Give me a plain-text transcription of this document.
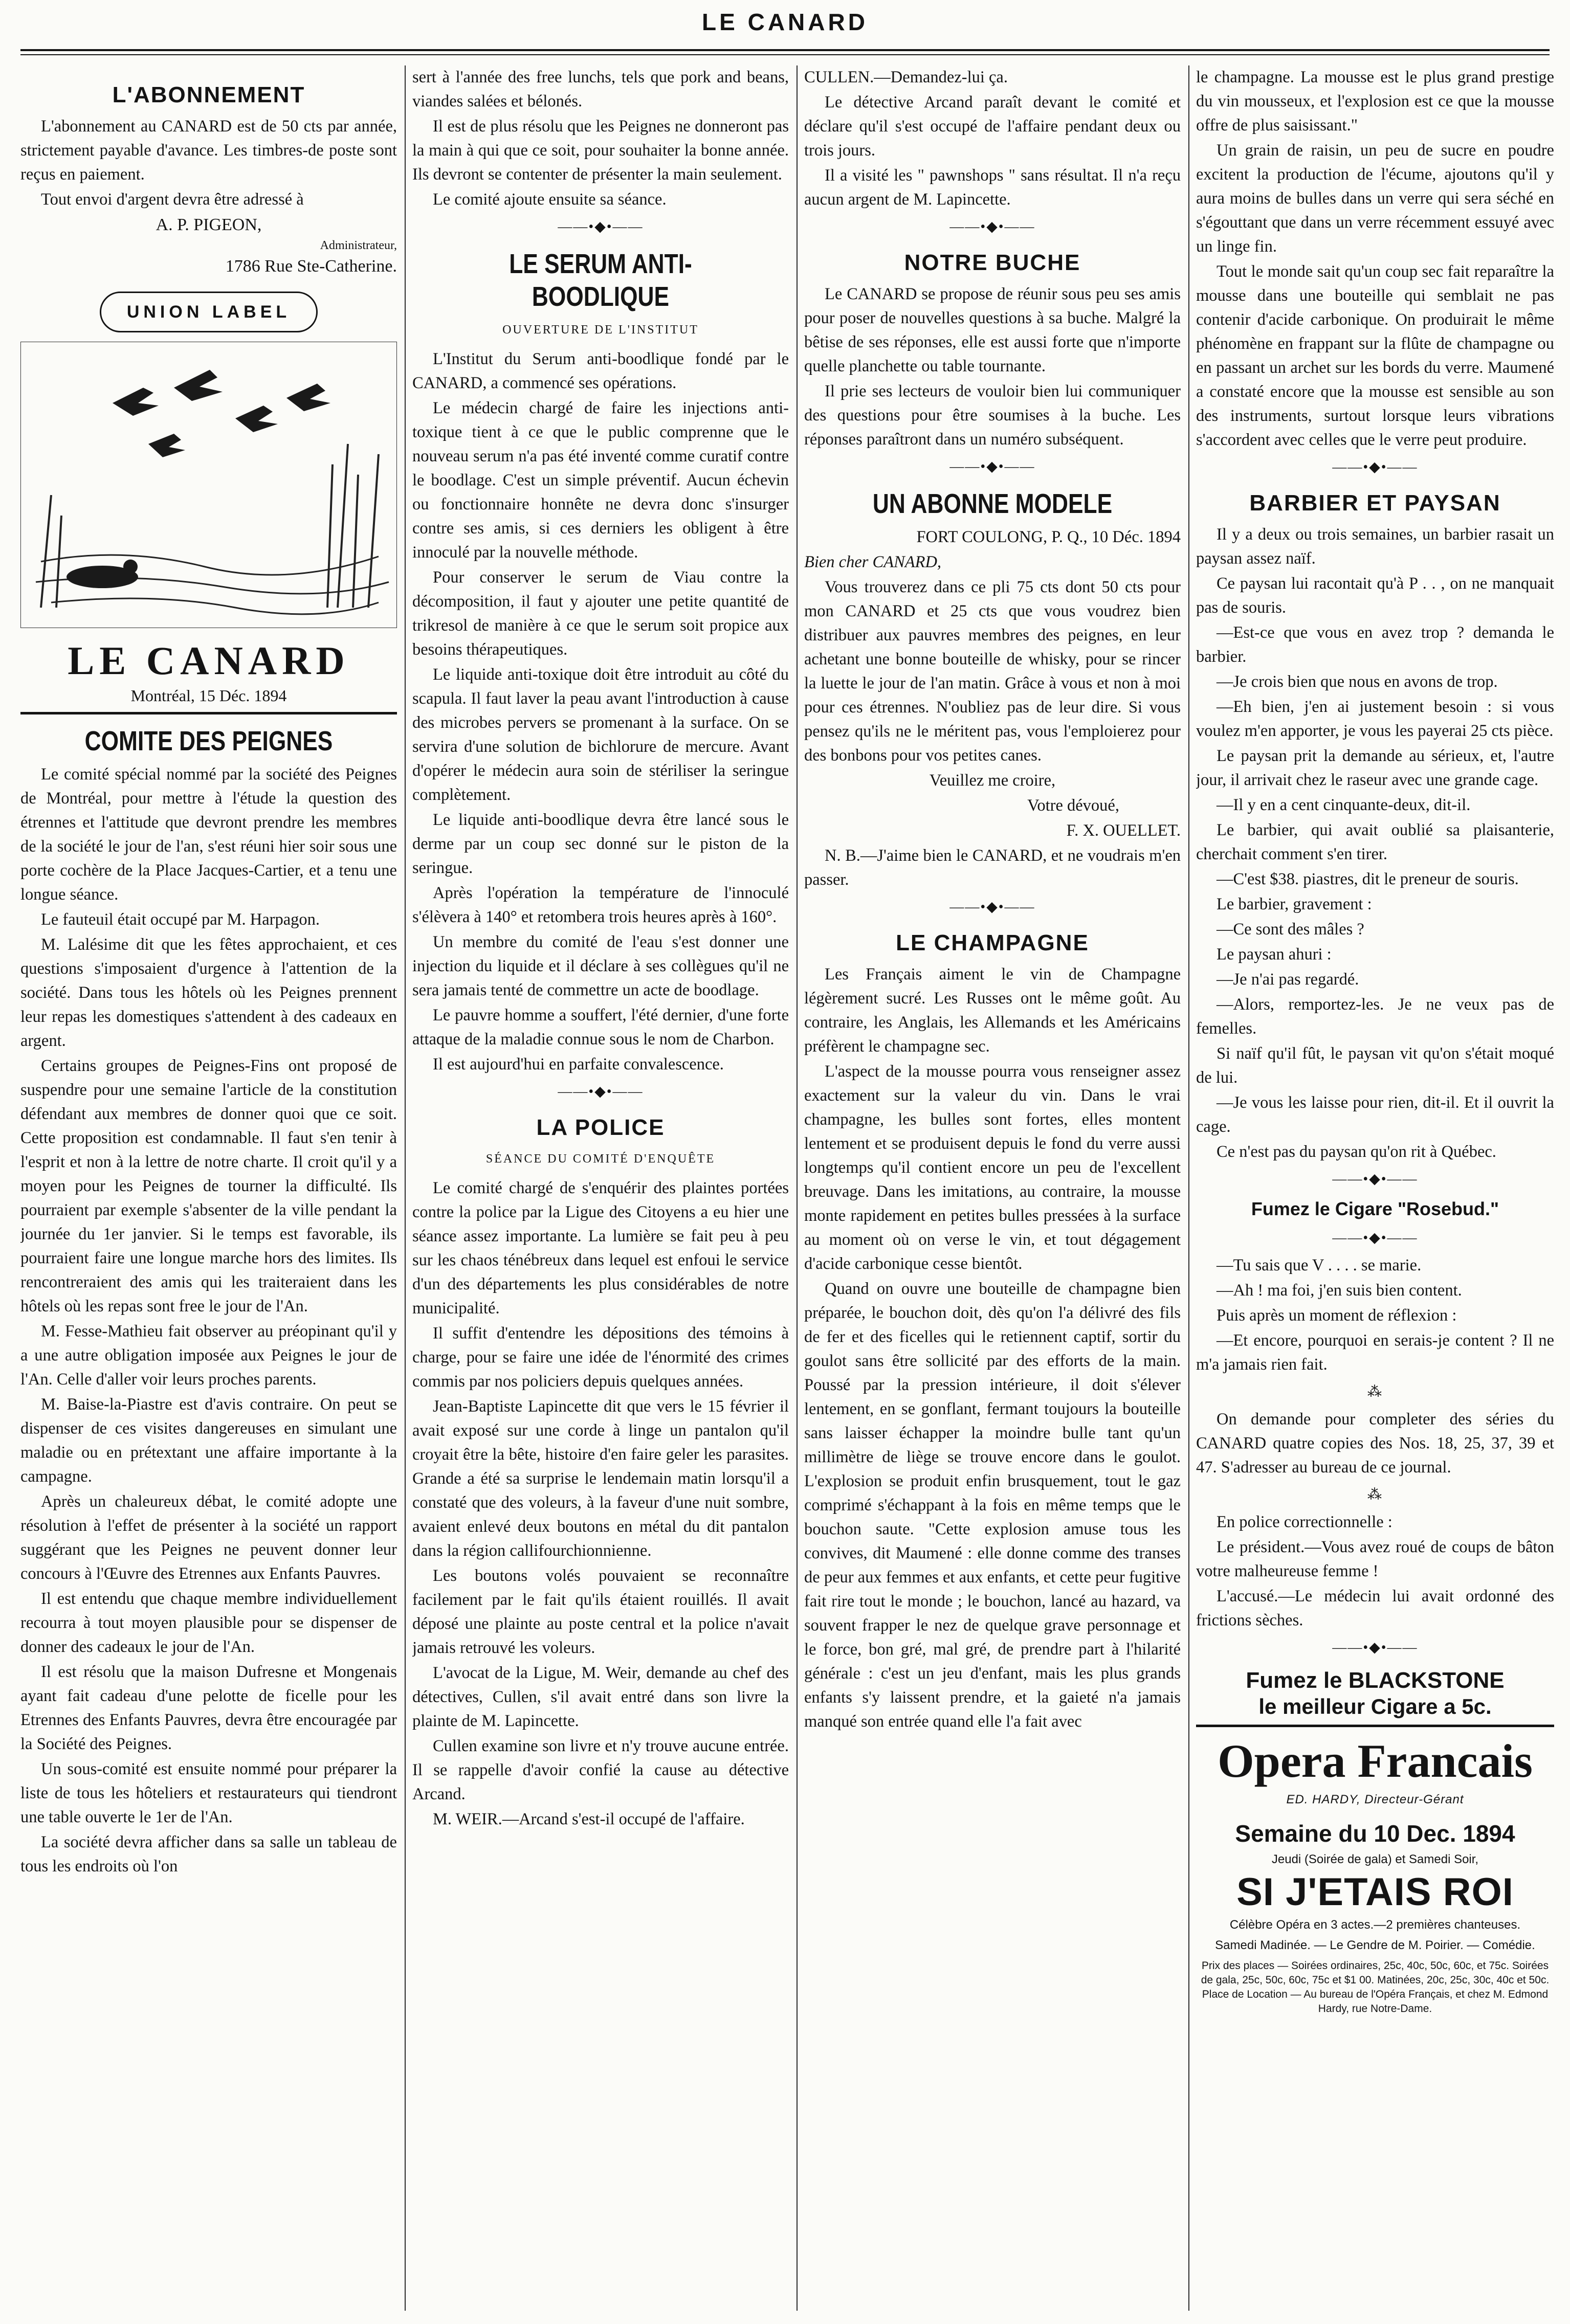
LE CANARD
L'ABONNEMENT

L'abonnement au CANARD est de 50 cts par année, strictement payable d'avance. Les timbres-de poste sont reçus en paiement.

Tout envoi d'argent devra être adressé à

A. P. PIGEON,

Administrateur,

1786 Rue Ste-Catherine.

UNION LABEL
LE CANARD
Montréal, 15 Déc. 1894
COMITE DES PEIGNES

Le comité spécial nommé par la société des Peignes de Montréal, pour mettre à l'étude la question des étrennes et l'attitude que devront prendre les membres de la société le jour de l'an, s'est réuni hier soir sous une porte cochère de la Place Jacques-Cartier, et a tenu une longue séance.

Le fauteuil était occupé par M. Harpagon.

M. Lalésime dit que les fêtes approchaient, et ces questions s'imposaient d'urgence à l'attention de la société. Dans tous les hôtels où les Peignes prennent leur repas les domestiques s'attendent à des cadeaux en argent.

Certains groupes de Peignes-Fins ont proposé de suspendre pour une semaine l'article de la constitution défendant aux membres de donner quoi que ce soit. Cette proposition est condamnable. Il faut s'en tenir à l'esprit et non à la lettre de notre charte. Il croit qu'il y a moyen pour les Peignes de tourner la difficulté. Ils pourraient par exemple s'absenter de la ville pendant la journée du 1er janvier. Si le temps est favorable, ils pourraient faire une longue marche hors des limites. Ils rencontreraient des amis qui les traiteraient dans les hôtels où les repas sont free le jour de l'An.

M. Fesse-Mathieu fait observer au préopinant qu'il y a une autre obligation imposée aux Peignes le jour de l'An. Celle d'aller voir leurs proches parents.

M. Baise-la-Piastre est d'avis contraire. On peut se dispenser de ces visites dangereuses en simulant une maladie ou en prétextant une affaire importante à la campagne.

Après un chaleureux débat, le comité adopte une résolution à l'effet de présenter à la société un rapport suggérant que les Peignes ne peuvent donner leur concours à l'Œuvre des Etrennes aux Enfants Pauvres.

Il est entendu que chaque membre individuellement recourra à tout moyen plausible pour se dispenser de donner des cadeaux le jour de l'An.

Il est résolu que la maison Dufresne et Mongenais ayant fait cadeau d'une pelotte de ficelle pour les Etrennes des Enfants Pauvres, devra être encouragée par la Société des Peignes.

Un sous-comité est ensuite nommé pour préparer la liste de tous les hôteliers et restaurateurs qui tiendront une table ouverte le 1er de l'An.

La société devra afficher dans sa salle un tableau de tous les endroits où l'on

sert à l'année des free lunchs, tels que pork and beans, viandes salées et bélonés.

Il est de plus résolu que les Peignes ne donneront pas la main à qui que ce soit, pour souhaiter la bonne année. Ils devront se contenter de présenter la main seulement.

Le comité ajoute ensuite sa séance.

——•◆•——
LE SERUM ANTI-BOODLIQUE
OUVERTURE DE L'INSTITUT

L'Institut du Serum anti-boodlique fondé par le CANARD, a commencé ses opérations.

Le médecin chargé de faire les injections anti-toxique tient à ce que le public comprenne que le nouveau serum n'a pas été inventé comme curatif contre le boodlage. C'est un simple préventif. Aucun échevin ou fonctionnaire honnête ne devra donc s'insurger contre ses amis, si ces derniers les obligent à être innoculé par la nouvelle méthode.

Pour conserver le serum de Viau contre la décomposition, il faut y ajouter une petite quantité de trikresol de manière à ce que le serum soit propice aux besoins thérapeutiques.

Le liquide anti-toxique doit être introduit au côté du scapula. Il faut laver la peau avant l'introduction à cause des microbes pervers se promenant à la surface. On se servira d'une solution de bichlorure de mercure. Avant d'opérer le médecin aura soin de stériliser la seringue complètement.

Le liquide anti-boodlique devra être lancé sous le derme par un coup sec donné sur le piston de la seringue.

Après l'opération la température de l'innoculé s'élèvera à 140° et retombera trois heures après à 160°.

Un membre du comité de l'eau s'est donner une injection du liquide et il déclare à ses collègues qu'il ne sera jamais tenté de commettre un acte de boodlage.

Le pauvre homme a souffert, l'été dernier, d'une forte attaque de la maladie connue sous le nom de Charbon.

Il est aujourd'hui en parfaite convalescence.

——•◆•——
LA POLICE
SÉANCE DU COMITÉ D'ENQUÊTE

Le comité chargé de s'enquérir des plaintes portées contre la police par la Ligue des Citoyens a eu hier une séance assez importante. La lumière se fait peu à peu sur les chaos ténébreux dans lequel est enfoui le service d'un des départements les plus considérables de notre municipalité.

Il suffit d'entendre les dépositions des témoins à charge, pour se faire une idée de l'énormité des crimes commis par nos policiers depuis quelques années.

Jean-Baptiste Lapincette dit que vers le 15 février il avait exposé sur une corde à linge un pantalon qu'il croyait être la bête, histoire d'en faire geler les parasites. Grande a été sa surprise le lendemain matin lorsqu'il a constaté que des voleurs, à la faveur d'une nuit sombre, avaient enlevé deux boutons en métal du dit pantalon dans la région callifourchionnienne.

Les boutons volés pouvaient se reconnaître facilement par le fait qu'ils étaient rouillés. Il avait déposé une plainte au poste central et la police n'avait jamais retrouvé les voleurs.

L'avocat de la Ligue, M. Weir, demande au chef des détectives, Cullen, s'il avait entré dans son livre la plainte de M. Lapincette.

Cullen examine son livre et n'y trouve aucune entrée. Il se rappelle d'avoir confié la cause au détective Arcand.

M. WEIR.—Arcand s'est-il occupé de l'affaire.

CULLEN.—Demandez-lui ça.

Le détective Arcand paraît devant le comité et déclare qu'il s'est occupé de l'affaire pendant deux ou trois jours.

Il a visité les " pawnshops " sans résultat. Il n'a reçu aucun argent de M. Lapincette.

——•◆•——
NOTRE BUCHE

Le CANARD se propose de réunir sous peu ses amis pour poser de nouvelles questions à sa buche. Malgré la bêtise de ses réponses, elle est aussi forte que n'importe quelle planchette ou table tournante.

Il prie ses lecteurs de vouloir bien lui communiquer des questions pour être soumises à la buche. Les réponses paraîtront dans un numéro subséquent.

——•◆•——
UN ABONNE MODELE

FORT COULONG, P. Q., 10 Déc. 1894

Bien cher CANARD,

Vous trouverez dans ce pli 75 cts dont 50 cts pour mon CANARD et 25 cts que vous voudrez bien distribuer aux pauvres membres des peignes, en leur achetant une bonne bouteille de whisky, pour se rincer la luette le jour de l'an matin. Grâce à vous et non à moi pour ces étrennes. N'oubliez pas de leur dire. Si vous pensez qu'ils ne le méritent pas, vous l'emploierez pour des bonbons pour vos petites canes.

Veuillez me croire,

Votre dévoué,

F. X. OUELLET.

N. B.—J'aime bien le CANARD, et ne voudrais m'en passer.

——•◆•——
LE CHAMPAGNE

Les Français aiment le vin de Champagne légèrement sucré. Les Russes ont le même goût. Au contraire, les Anglais, les Allemands et les Américains préfèrent le champagne sec.

L'aspect de la mousse pourra vous renseigner assez exactement sur la valeur du vin. Dans le vrai champagne, les bulles sont fortes, elles montent lentement et se produisent depuis le fond du verre aussi longtemps qu'il contient encore un peu de l'excellent breuvage. Dans les imitations, au contraire, la mousse monte rapidement en petites bulles pressées à la surface au moment où on verse le vin, et tout dégagement d'acide carbonique cesse bientôt.

Quand on ouvre une bouteille de champagne bien préparée, le bouchon doit, dès qu'on l'a délivré des fils de fer et des ficelles qui le retiennent captif, sortir du goulot sans être sollicité par des efforts de la main. Poussé par la pression intérieure, il doit s'élever lentement, en se gonflant, fermant toujours la bouteille sans laisser échapper la moindre bulle tant qu'un millimètre de liège se trouve encore dans le goulot. L'explosion se produit enfin brusquement, tout le gaz comprimé s'échappant à la fois en même temps que le bouchon saute. "Cette explosion amuse tous les convives, dit Maumené : elle donne comme des transes de peur aux femmes et aux enfants, et cette peur fugitive fait rire tout le monde ; le bouchon, lancé au hazard, va souvent frapper le nez de quelque grave personnage et le force, bon gré, mal gré, de prendre part à l'hilarité générale : c'est un jeu d'enfant, mais les plus grands enfants s'y laissent prendre, et la gaieté n'a jamais manqué son entrée quand elle l'a fait avec

le champagne. La mousse est le plus grand prestige du vin mousseux, et l'explosion est ce que la mousse offre de plus saisissant."

Un grain de raisin, un peu de sucre en poudre excitent la production de l'écume, ajoutons qu'il y aura moins de bulles dans un verre qui sera séché en s'égouttant que dans un verre récemment essuyé avec un linge fin.

Tout le monde sait qu'un coup sec fait reparaître la mousse dans une bouteille qui semblait ne pas contenir d'acide carbonique. On produirait le même phénomène en frappant sur la flûte de champagne ou en passant un archet sur les bords du verre. Maumené a constaté encore que la mousse est sensible au son des instruments, surtout lorsque leurs vibrations s'accordent avec celles que le verre peut produire.

——•◆•——
BARBIER ET PAYSAN

Il y a deux ou trois semaines, un barbier rasait un paysan assez naïf.

Ce paysan lui racontait qu'à P . . , on ne manquait pas de souris.

—Est-ce que vous en avez trop ? demanda le barbier.

—Je crois bien que nous en avons de trop.

—Eh bien, j'en ai justement besoin : si vous voulez m'en apporter, je vous les payerai 25 cts pièce.

Le paysan prit la demande au sérieux, et, l'autre jour, il arrivait chez le raseur avec une grande cage.

—Il y en a cent cinquante-deux, dit-il.

Le barbier, qui avait oublié sa plaisanterie, cherchait comment s'en tirer.

—C'est $38. piastres, dit le preneur de souris.

Le barbier, gravement :

—Ce sont des mâles ?

Le paysan ahuri :

—Je n'ai pas regardé.

—Alors, remportez-les. Je ne veux pas de femelles.

Si naïf qu'il fût, le paysan vit qu'on s'était moqué de lui.

—Je vous les laisse pour rien, dit-il. Et il ouvrit la cage.

Ce n'est pas du paysan qu'on rit à Québec.

——•◆•——
Fumez le Cigare "Rosebud."
——•◆•——

—Tu sais que V . . . . se marie.

—Ah ! ma foi, j'en suis bien content.

Puis après un moment de réflexion :

—Et encore, pourquoi en serais-je content ? Il ne m'a jamais rien fait.

⁂

On demande pour completer des séries du CANARD quatre copies des Nos. 18, 25, 37, 39 et 47. S'adresser au bureau de ce journal.

⁂

En police correctionnelle :

Le président.—Vous avez roué de coups de bâton votre malheureuse femme !

L'accusé.—Le médecin lui avait ordonné des frictions sèches.

——•◆•——
Fumez le BLACKSTONE
le meilleur Cigare a 5c.
Opera Francais
ED. HARDY, Directeur-Gérant
Semaine du 10 Dec. 1894
Jeudi (Soirée de gala) et Samedi Soir,
SI J'ETAIS ROI
Célèbre Opéra en 3 actes.—2 premières chanteuses.
Samedi Madinée. — Le Gendre de M. Poirier. — Comédie.
Prix des places — Soirées ordinaires, 25c, 40c, 50c, 60c, et 75c. Soirées de gala, 25c, 50c, 60c, 75c et $1 00. Matinées, 20c, 25c, 30c, 40c et 50c.
Place de Location — Au bureau de l'Opéra Français, et chez M. Edmond Hardy, rue Notre-Dame.
